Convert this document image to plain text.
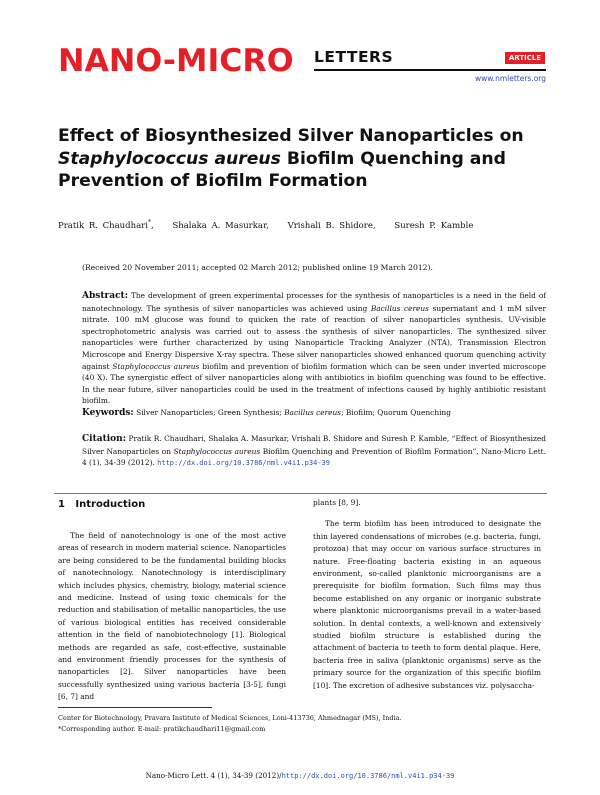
NANO-MICRO LETTERS	ARTICLE
www.nmletters.org
Effect of Biosynthesized Silver Nanoparticles on
Staphylococcus aureus Biofilm Quenching and
Prevention of Biofilm Formation
Pratik R. Chaudhari*,    Shalaka A. Masurkar,    Vrishali B. Shidore,    Suresh P. Kamble
(Received 20 November 2011; accepted 02 March 2012; published online 19 March 2012).
Abstract: The development of green experimental processes for the synthesis of nanoparticles is a need in the field of nanotechnology. The synthesis of silver nanoparticles was achieved using Bacillus cereus supernatant and 1 mM silver nitrate. 100 mM glucose was found to quicken the rate of reaction of silver nanoparticles synthesis. UV-visible spectrophotometric analysis was carried out to assess the synthesis of silver nanoparticles. The synthesized silver nanoparticles were further characterized by using Nanoparticle Tracking Analyzer (NTA), Transmission Electron Microscope and Energy Dispersive X-ray spectra. These silver nanoparticles showed enhanced quorum quenching activity against Staphylococcus aureus biofilm and prevention of biofilm formation which can be seen under inverted microscope (40 X). The synergistic effect of silver nanoparticles along with antibiotics in biofilm quenching was found to be effective. In the near future, silver nanoparticles could be used in the treatment of infections caused by highly antibiotic resistant biofilm.
Keywords: Silver Nanoparticles; Green Synthesis; Bacillus cereus; Biofilm; Quorum Quenching
Citation: Pratik R. Chaudhari, Shalaka A. Masurkar, Vrishali B. Shidore and Suresh P. Kamble, “Effect of Biosynthesized Silver Nanoparticles on Staphylococcus aureus Biofilm Quenching and Prevention of Biofilm Formation”, Nano-Micro Lett. 4 (1), 34-39 (2012). http://dx.doi.org/10.3786/nml.v4i1.p34-39
1   Introduction

The field of nanotechnology is one of the most active areas of research in modern material science. Nanoparticles are being considered to be the fundamental building blocks of nanotechnology. Nanotechnology is interdisciplinary which includes physics, chemistry, biology, material science and medicine. Instead of using toxic chemicals for the reduction and stabilisation of metallic nanoparticles, the use of various biological entities has received considerable attention in the field of nanobiotechnology [1]. Biological methods are regarded as safe, cost-effective, sustainable and environment friendly processes for the synthesis of nanoparticles [2]. Silver nanoparticles have been successfully synthesized using various bacteria [3-5], fungi [6, 7] and

plants [8, 9].

The term biofilm has been introduced to designate the thin layered condensations of microbes (e.g. bacteria, fungi, protozoa) that may occur on various surface structures in nature. Free-floating bacteria existing in an aqueous environment, so-called planktonic microorganisms are a prerequisite for biofilm formation. Such films may thus become established on any organic or inorganic substrate where planktonic microorganisms prevail in a water-based solution. In dental contexts, a well-known and extensively studied biofilm structure is established during the attachment of bacteria to teeth to form dental plaque. Here, bacteria free in saliva (planktonic organisms) serve as the primary source for the organization of this specific biofilm [10]. The excretion of adhesive substances viz. polysaccha-

Center for Biotechnology, Pravara Institute of Medical Sciences, Loni-413736, Ahmednagar (MS), India.
*Corresponding author. E-mail: pratikchaudhari11@gmail.com
Nano-Micro Lett. 4 (1), 34-39 (2012)/http://dx.doi.org/10.3786/nml.v4i1.p34-39
